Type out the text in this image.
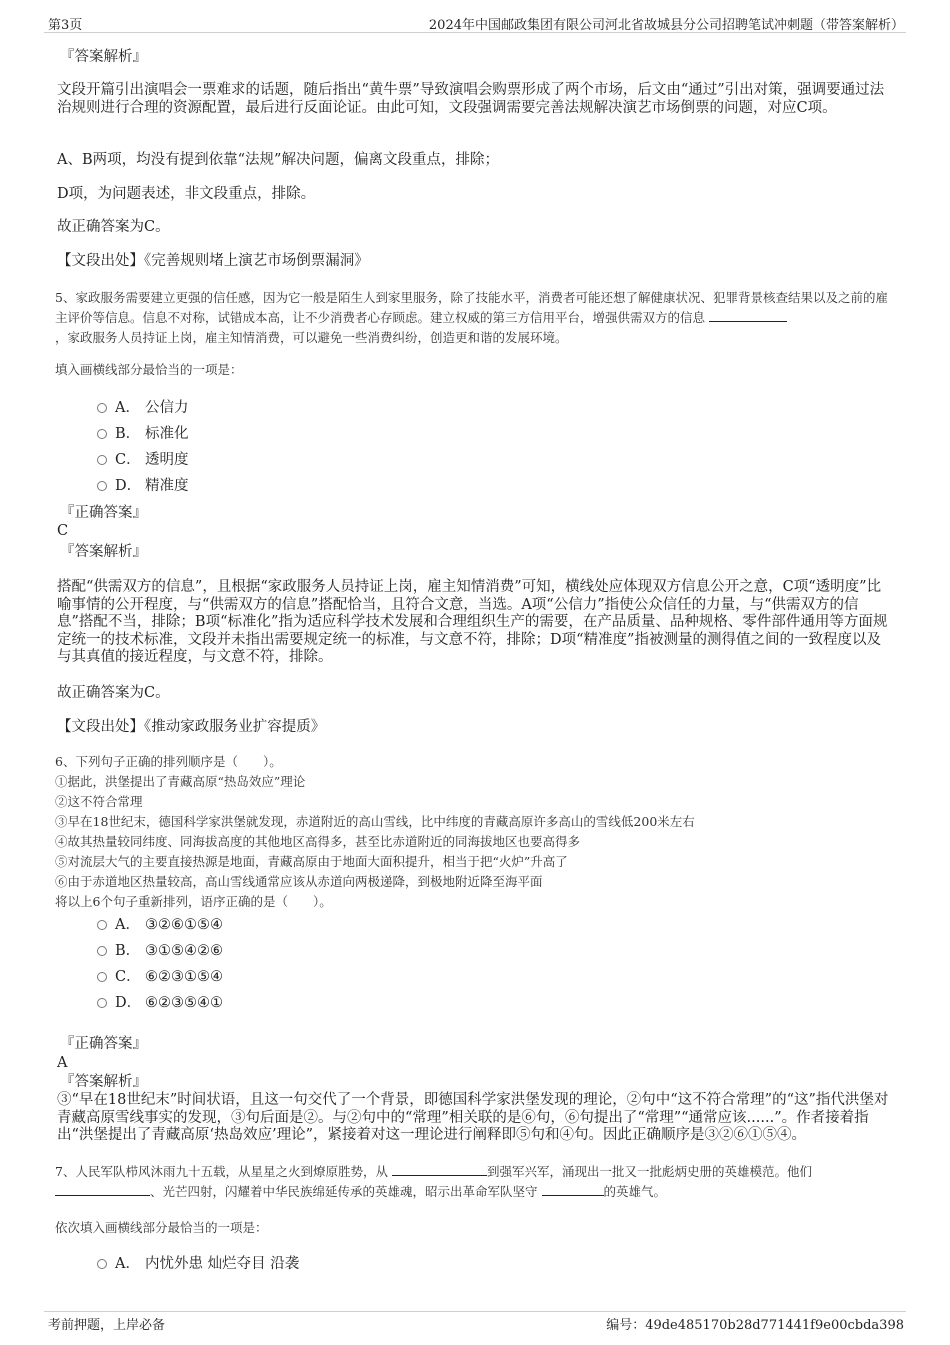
第3页	2024年中国邮政集团有限公司河北省故城县分公司招聘笔试冲刺题（带答案解析）
『答案解析』

文段开篇引出演唱会一票难求的话题，随后指出“黄牛票”导致演唱会购票形成了两个市场，后文由“通过”引出对策，强调要通过法治规则进行合理的资源配置，最后进行反面论证。由此可知，文段强调需要完善法规解决演艺市场倒票的问题，对应C项。

A、B两项，均没有提到依靠“法规”解决问题，偏离文段重点，排除；

D项，为问题表述，非文段重点，排除。

故正确答案为C。

【文段出处】《完善规则堵上演艺市场倒票漏洞》

5、家政服务需要建立更强的信任感，因为它一般是陌生人到家里服务，除了技能水平，消费者可能还想了解健康状况、犯罪背景核查结果以及之前的雇主评价等信息。信息不对称，试错成本高，让不少消费者心存顾虑。建立权威的第三方信用平台，增强供需双方的信息
，家政服务人员持证上岗，雇主知情消费，可以避免一些消费纠纷，创造更和谐的发展环境。

填入画横线部分最恰当的一项是：

A． 公信力
B． 标准化
C． 透明度
D． 精准度
『正确答案』
C
『答案解析』

搭配“供需双方的信息”，且根据“家政服务人员持证上岗，雇主知情消费”可知，横线处应体现双方信息公开之意，C项“透明度”比喻事情的公开程度，与“供需双方的信息”搭配恰当，且符合文意，当选。A项“公信力”指使公众信任的力量，与“供需双方的信息”搭配不当，排除；B项“标准化”指为适应科学技术发展和合理组织生产的需要，在产品质量、品种规格、零件部件通用等方面规定统一的技术标准，文段并未指出需要规定统一的标准，与文意不符，排除；D项“精准度”指被测量的测得值之间的一致程度以及与其真值的接近程度，与文意不符，排除。

故正确答案为C。

【文段出处】《推动家政服务业扩容提质》

6、下列句子正确的排列顺序是（　　）。
①据此，洪堡提出了青藏高原“热岛效应”理论
②这不符合常理
③早在18世纪末，德国科学家洪堡就发现，赤道附近的高山雪线，比中纬度的青藏高原许多高山的雪线低200米左右
④故其热量较同纬度、同海拔高度的其他地区高得多，甚至比赤道附近的同海拔地区也要高得多
⑤对流层大气的主要直接热源是地面，青藏高原由于地面大面积提升，相当于把“火炉”升高了
⑥由于赤道地区热量较高，高山雪线通常应该从赤道向两极递降，到极地附近降至海平面
将以上6个句子重新排列，语序正确的是（　　）。
A． ③②⑥①⑤④
B． ③①⑤④②⑥
C． ⑥②③①⑤④
D． ⑥②③⑤④①
『正确答案』
A
『答案解析』

③“早在18世纪末”时间状语，且这一句交代了一个背景，即德国科学家洪堡发现的理论，②句中“这不符合常理”的“这”指代洪堡对青藏高原雪线事实的发现，③句后面是②。与②句中的“常理”相关联的是⑥句，⑥句提出了“常理”“通常应该......”。作者接着指出“洪堡提出了青藏高原‘热岛效应’理论”，紧接着对这一理论进行阐释即⑤句和④句。因此正确顺序是③②⑥①⑤④。

7、人民军队栉风沐雨九十五载，从星星之火到燎原胜势，从	到强军兴军，涌现出一批又一批彪炳史册的英雄模范。他们
、光芒四射，闪耀着中华民族绵延传承的英雄魂，昭示出革命军队坚守	的英雄气。

依次填入画横线部分最恰当的一项是：

A． 内忧外患 灿烂夺目 沿袭
考前押题，上岸必备	编号：49de485170b28d771441f9e00cbda398
